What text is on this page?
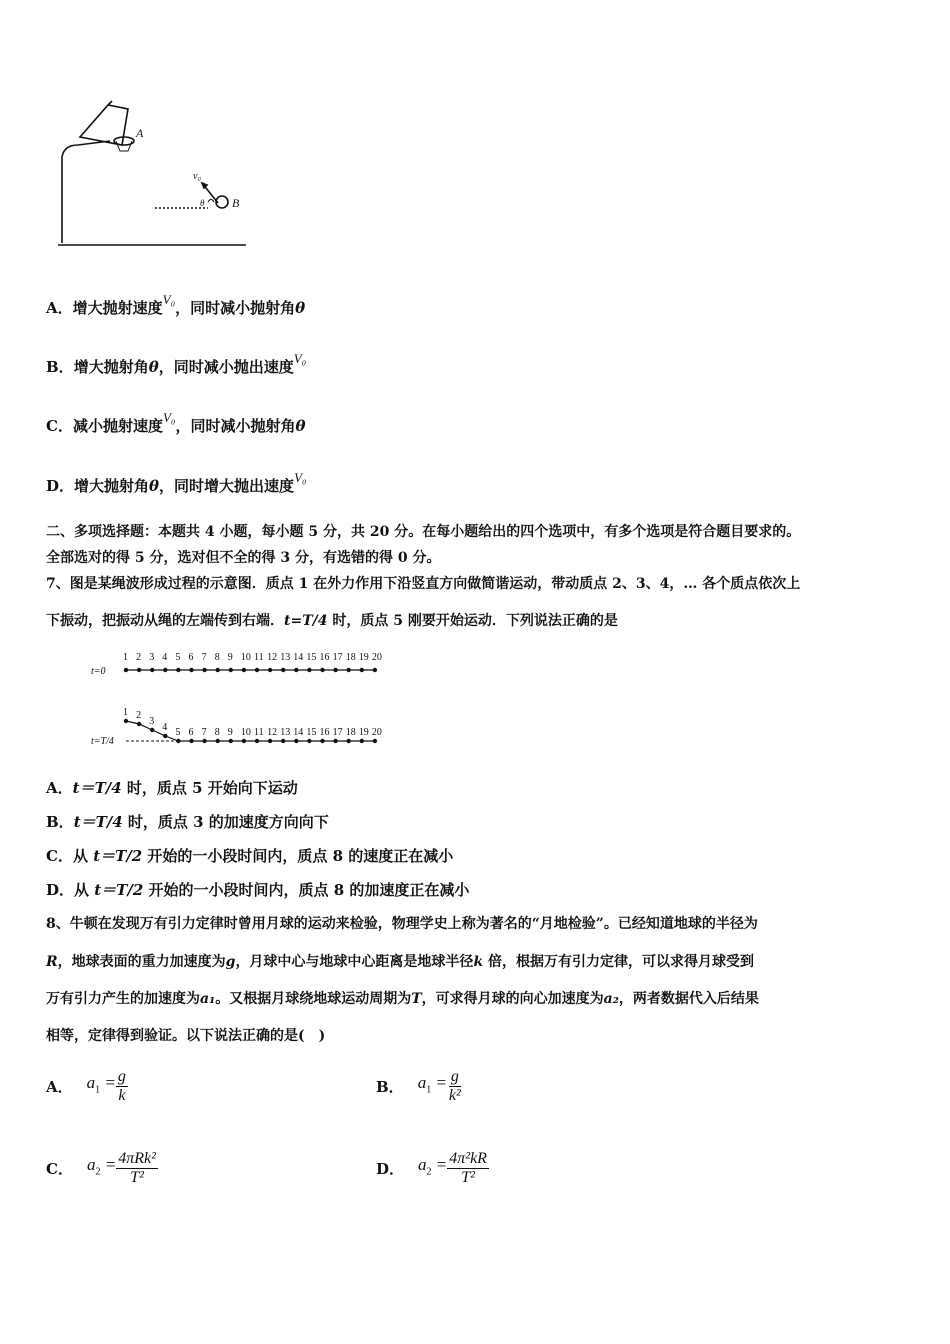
A
B
v₀
θ
A．增大抛射速度V₀，同时减小抛射角θ
B．增大抛射角θ，同时减小抛出速度V₀
C．减小抛射速度V₀，同时减小抛射角θ
D．增大抛射角θ，同时增大抛出速度V₀
二、多项选择题：本题共 4 小题，每小题 5 分，共 20 分。在每小题给出的四个选项中，有多个选项是符合题目要求的。
全部选对的得 5 分，选对但不全的得 3 分，有选错的得 0 分。
7、图是某绳波形成过程的示意图．质点 1 在外力作用下沿竖直方向做简谐运动，带动质点 2、3、4，… 各个质点依次上
下振动，把振动从绳的左端传到右端．t=T/4 时，质点 5 刚要开始运动．下列说法正确的是
t=0
t=T/4
1 2 3 4 5 6 7 8 9 10 11 12 13 14 15 16 17 18 19 20
1 2
3
4 5 6 7 8 9 10 11 12 13 14 15 16 17 18 19 20
A．t＝T/4 时，质点 5 开始向下运动
B．t＝T/4 时，质点 3 的加速度方向向下
C．从 t＝T/2 开始的一小段时间内，质点 8 的速度正在减小
D．从 t＝T/2 开始的一小段时间内，质点 8 的加速度正在减小
8、牛顿在发现万有引力定律时曾用月球的运动来检验，物理学史上称为著名的“月地检验”。已经知道地球的半径为
R，地球表面的重力加速度为g，月球中心与地球中心距离是地球半径k 倍，根据万有引力定律，可以求得月球受到
万有引力产生的加速度为a₁。又根据月球绕地球运动周期为T，可求得月球的向心加速度为a₂，两者数据代入后结果
相等，定律得到验证。以下说法正确的是(　)
A． $a_1 = \frac{g}{k}$	B． $a_1 = \frac{g}{\text{k²}}$
C． $a_2 = \frac{\text{4πRk²}}{\text{T²}}$	D． $a_2 = \frac{\text{4π²kR}}{\text{T²}}$
